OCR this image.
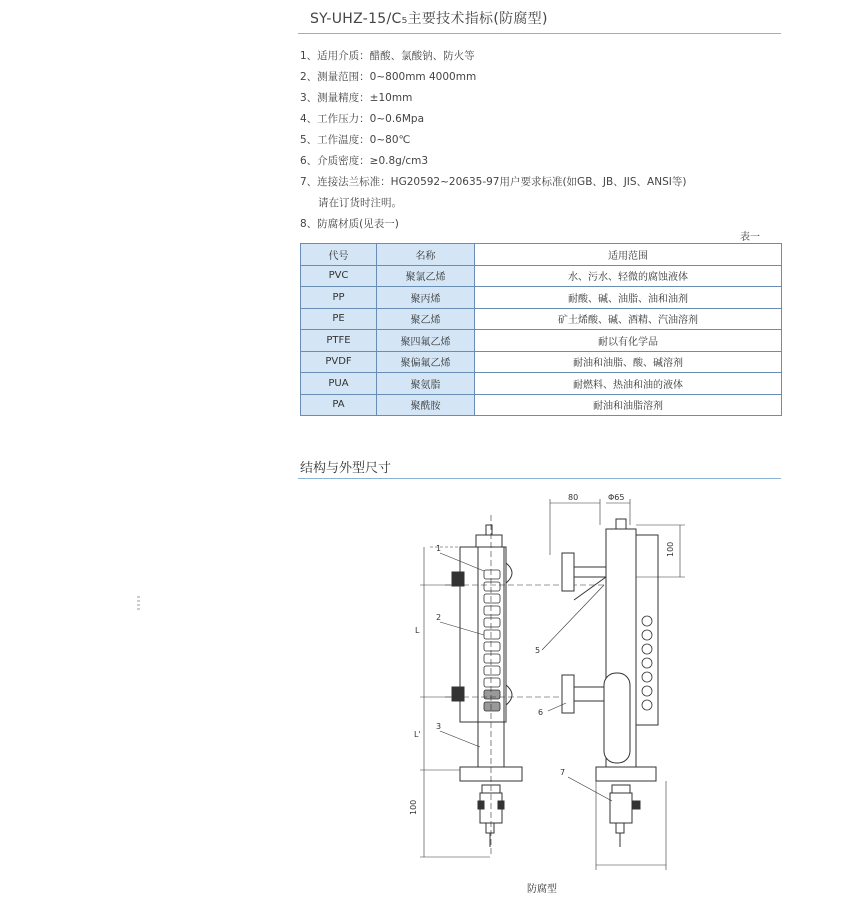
SY-UHZ-15/C₅主要技术指标(防腐型)
1、适用介质：醋酸、氯酸钠、防火等
2、测量范围：0~800mm 4000mm
3、测量精度：±10mm
4、工作压力：0~0.6Mpa
5、工作温度：0~80℃
6、介质密度：≥0.8g/cm3
7、连接法兰标准：HG20592~20635-97用户要求标准(如GB、JB、JIS、ANSI等)
请在订货时注明。
8、防腐材质(见表一)
表一
代号	名称	适用范围
PVC	聚氯乙烯	水、污水、轻微的腐蚀液体
PP	聚丙烯	耐酸、碱、油脂、油和油剂
PE	聚乙烯	矿土烯酸、碱、酒精、汽油溶剂
PTFE	聚四氟乙烯	耐以有化学品
PVDF	聚偏氟乙烯	耐油和油脂、酸、碱溶剂
PUA	聚氨脂	耐燃料、热油和油的液体
PA	聚酰胺	耐油和油脂溶剂
结构与外型尺寸
1
2
3
5
6
7
L
L'
100
80	Φ65
100
防腐型
